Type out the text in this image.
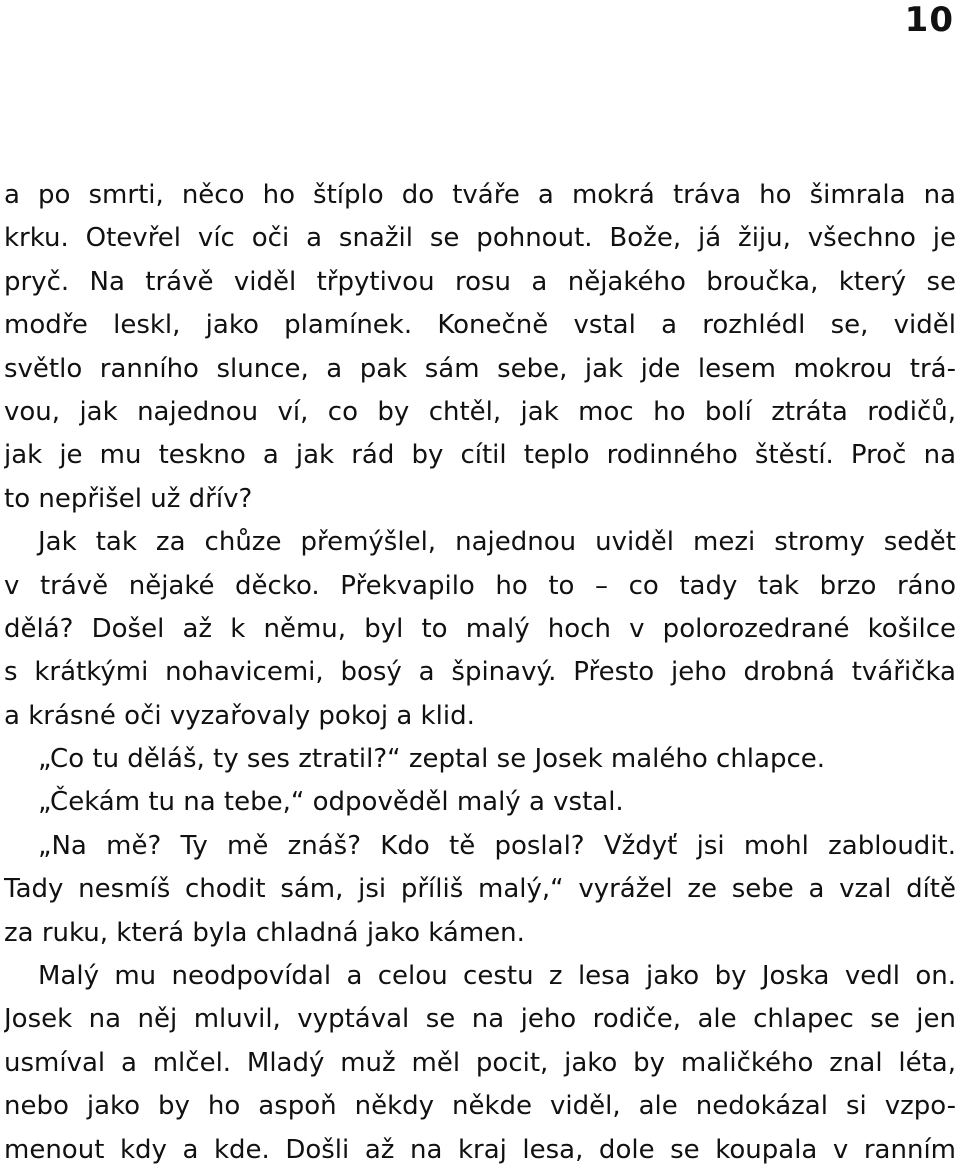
10
a po smrti, něco ho štíplo do tváře a mokrá tráva ho šimrala na
krku. Otevřel víc oči a snažil se pohnout. Bože, já žiju, všechno je
pryč. Na trávě viděl třpytivou rosu a nějakého broučka, který se
modře leskl, jako plamínek. Konečně vstal a rozhlédl se, viděl
světlo ranního slunce, a pak sám sebe, jak jde lesem mokrou trá-
vou, jak najednou ví, co by chtěl, jak moc ho bolí ztráta rodičů,
jak je mu teskno a jak rád by cítil teplo rodinného štěstí. Proč na
to nepřišel už dřív?
Jak tak za chůze přemýšlel, najednou uviděl mezi stromy sedět
v trávě nějaké děcko. Překvapilo ho to – co tady tak brzo ráno
dělá? Došel až k němu, byl to malý hoch v polorozedrané košilce
s krátkými nohavicemi, bosý a špinavý. Přesto jeho drobná tvářička
a krásné oči vyzařovaly pokoj a klid.
„Co tu děláš, ty ses ztratil?“ zeptal se Josek malého chlapce.
„Čekám tu na tebe,“ odpověděl malý a vstal.
„Na mě? Ty mě znáš? Kdo tě poslal? Vždyť jsi mohl zabloudit.
Tady nesmíš chodit sám, jsi příliš malý,“ vyrážel ze sebe a vzal dítě
za ruku, která byla chladná jako kámen.
Malý mu neodpovídal a celou cestu z lesa jako by Joska vedl on.
Josek na něj mluvil, vyptával se na jeho rodiče, ale chlapec se jen
usmíval a mlčel. Mladý muž měl pocit, jako by maličkého znal léta,
nebo jako by ho aspoň někdy někde viděl, ale nedokázal si vzpo-
menout kdy a kde. Došli až na kraj lesa, dole se koupala v ranním
